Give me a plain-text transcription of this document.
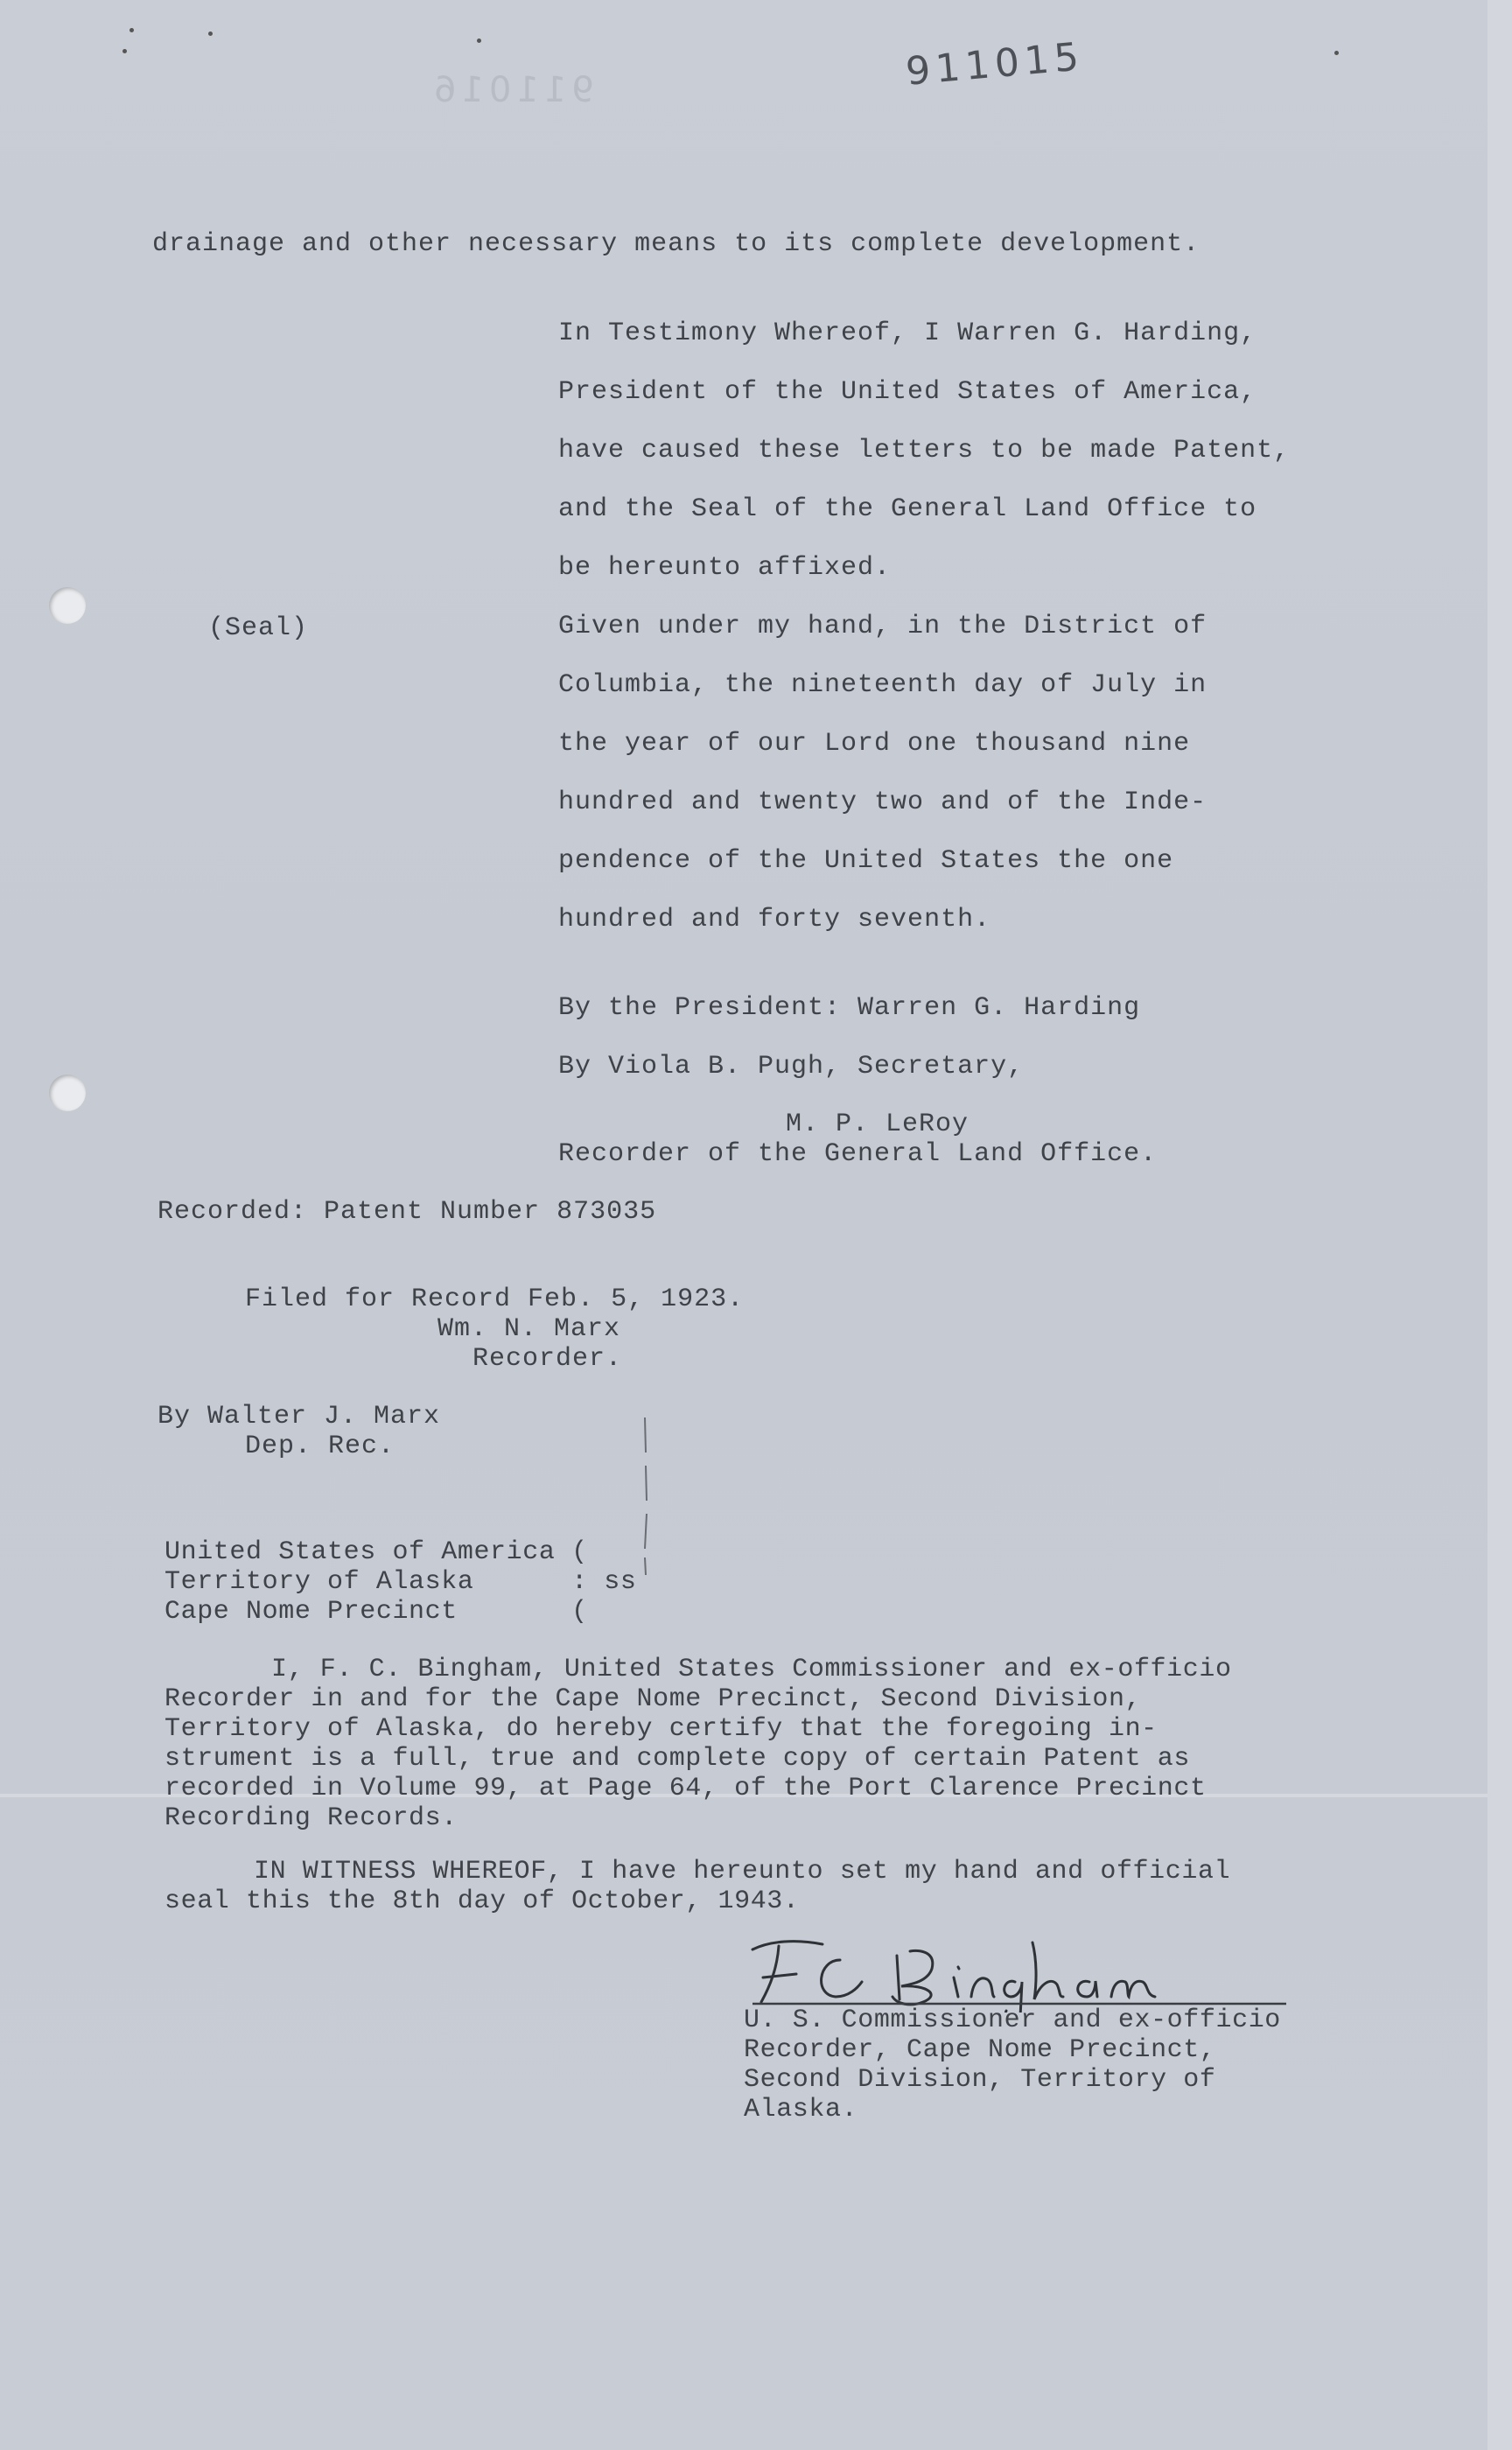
911016	911015

drainage and other necessary means to its complete development.

In Testimony Whereof, I Warren G. Harding,

President of the United States of America,

have caused these letters to be made Patent,

and the Seal of the General Land Office to

be hereunto affixed.

(Seal)	Given under my hand, in the District of

Columbia, the nineteenth day of July in

the year of our Lord one thousand nine

hundred and twenty two and of the Inde-

pendence of the United States the one

hundred and forty seventh.

By the President: Warren G. Harding

By Viola B. Pugh, Secretary,

M. P. LeRoy

Recorder of the General Land Office.

Recorded: Patent Number 873035

Filed for Record Feb. 5, 1923.

Wm. N. Marx

Recorder.

By Walter J. Marx

Dep. Rec.

United States of America (

Territory of Alaska      : ss

Cape Nome Precinct       (

I, F. C. Bingham, United States Commissioner and ex-officio

Recorder in and for the Cape Nome Precinct, Second Division,

Territory of Alaska, do hereby certify that the foregoing in-

strument is a full, true and complete copy of certain Patent as

recorded in Volume 99, at Page 64, of the Port Clarence Precinct

Recording Records.

IN WITNESS WHEREOF, I have hereunto set my hand and official

seal this the 8th day of October, 1943.

U. S. Commissioner and ex-officio

Recorder, Cape Nome Precinct,

Second Division, Territory of

Alaska.
